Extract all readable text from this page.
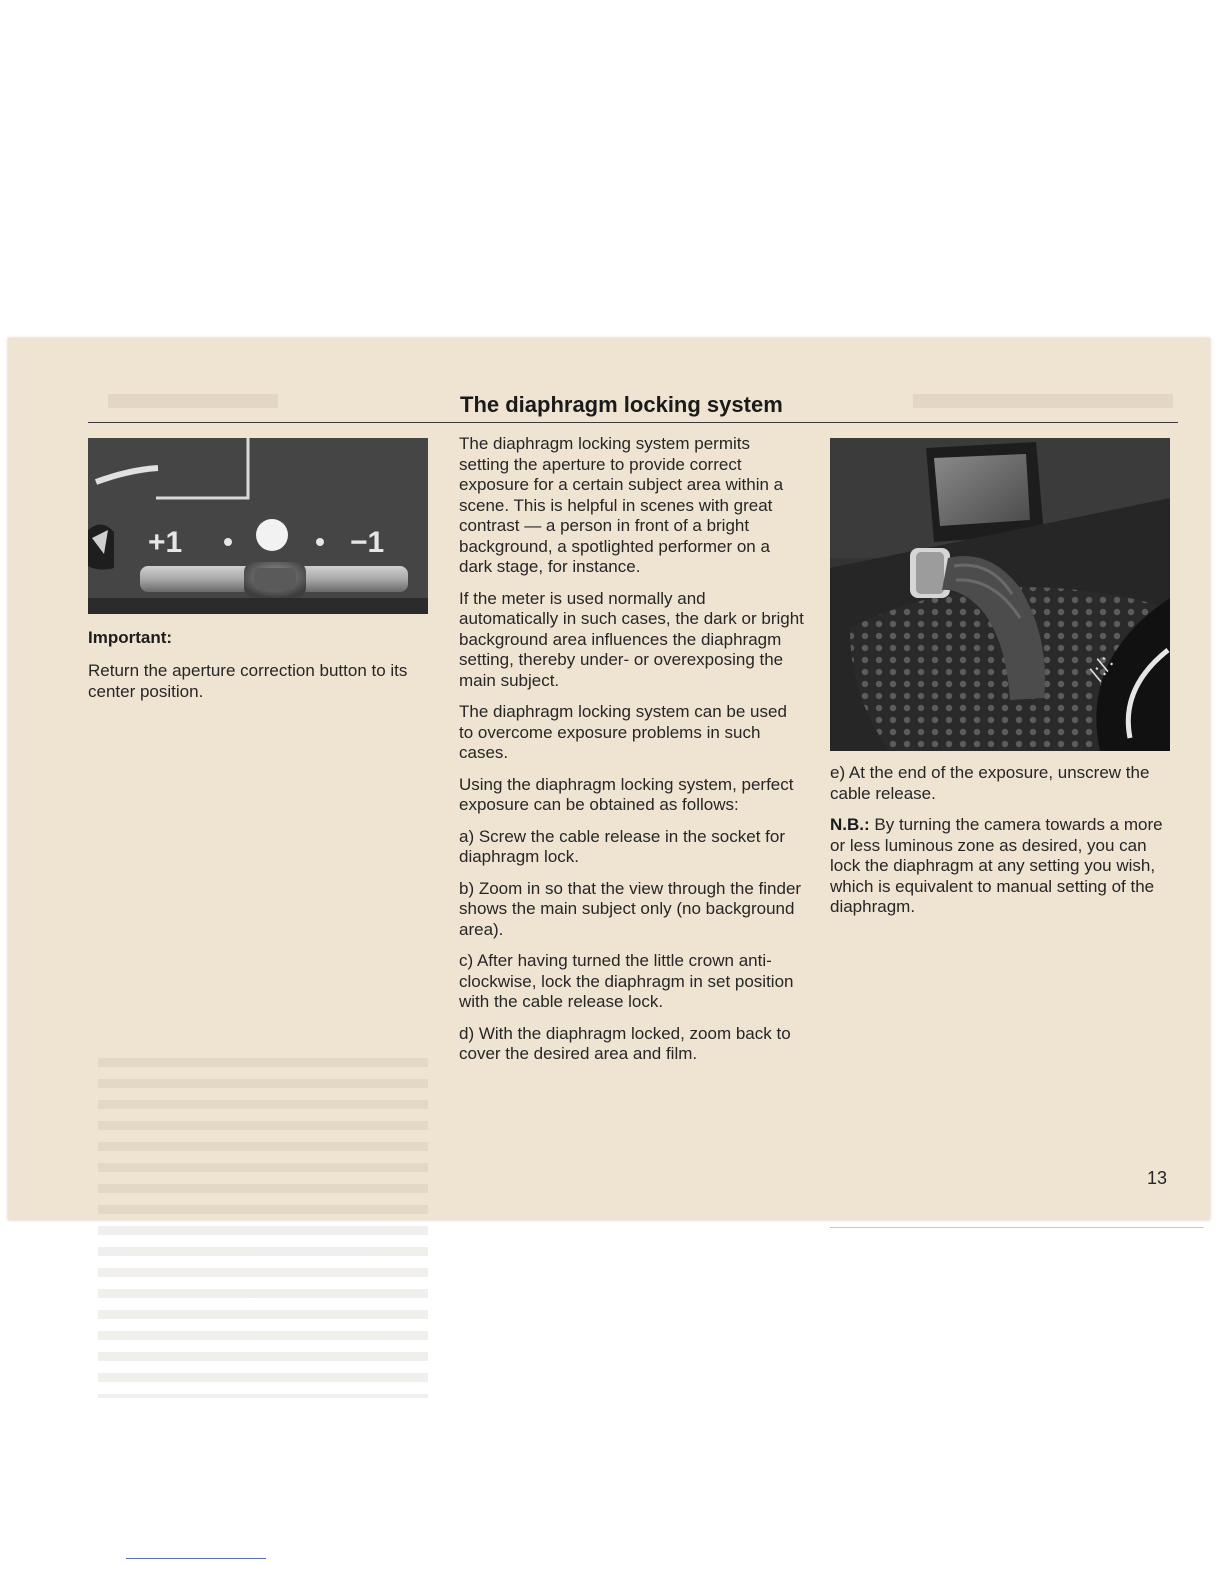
The diaphragm locking system
+1	−1
Important:

Return the aperture correction button to its center position.

The diaphragm locking system permits setting the aperture to provide correct exposure for a certain subject area within a scene. This is helpful in scenes with great contrast — a person in front of a bright background, a spotlighted performer on a dark stage, for instance.

If the meter is used normally and automatically in such cases, the dark or bright background area influences the diaphragm setting, thereby under- or overexposing the main subject.

The diaphragm locking system can be used to overcome exposure problems in such cases.

Using the diaphragm locking system, perfect exposure can be obtained as follows:

a) Screw the cable release in the socket for diaphragm lock.

b) Zoom in so that the view through the finder shows the main subject only (no background area).

c) After having turned the little crown anti-clockwise, lock the diaphragm in set position with the cable release lock.

d) With the diaphragm locked, zoom back to cover the desired area and film.

/:/:

e) At the end of the exposure, unscrew the cable release.

N.B.: By turning the camera towards a more or less luminous zone as desired, you can lock the diaphragm at any setting you wish, which is equivalent to manual setting of the diaphragm.

13
